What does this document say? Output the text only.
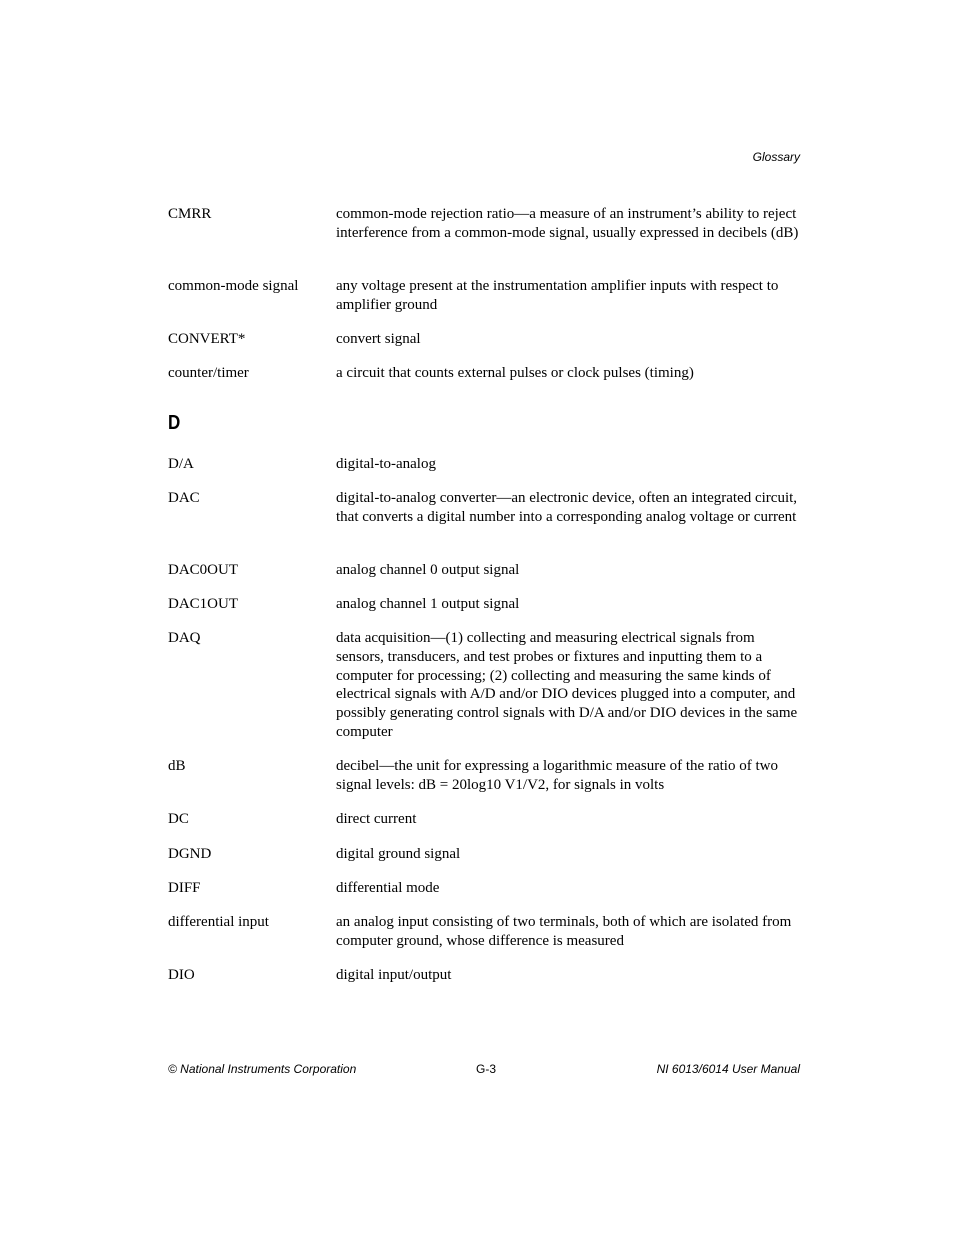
Glossary
CMRR	common-mode rejection ratio—a measure of an instrument’s ability to reject interference from a common-mode signal, usually expressed in decibels (dB)
common-mode signal	any voltage present at the instrumentation amplifier inputs with respect to amplifier ground
CONVERT*	convert signal
counter/timer	a circuit that counts external pulses or clock pulses (timing)
D
D/A	digital-to-analog
DAC	digital-to-analog converter—an electronic device, often an integrated circuit, that converts a digital number into a corresponding analog voltage or current
DAC0OUT	analog channel 0 output signal
DAC1OUT	analog channel 1 output signal
DAQ	data acquisition—(1) collecting and measuring electrical signals from sensors, transducers, and test probes or fixtures and inputting them to a computer for processing; (2) collecting and measuring the same kinds of electrical signals with A/D and/or DIO devices plugged into a computer, and possibly generating control signals with D/A and/or DIO devices in the same computer
dB	decibel—the unit for expressing a logarithmic measure of the ratio of two signal levels: dB = 20log10 V1/V2, for signals in volts
DC	direct current
DGND	digital ground signal
DIFF	differential mode
differential input	an analog input consisting of two terminals, both of which are isolated from computer ground, whose difference is measured
DIO	digital input/output
© National Instruments Corporation	G-3	NI 6013/6014 User Manual
